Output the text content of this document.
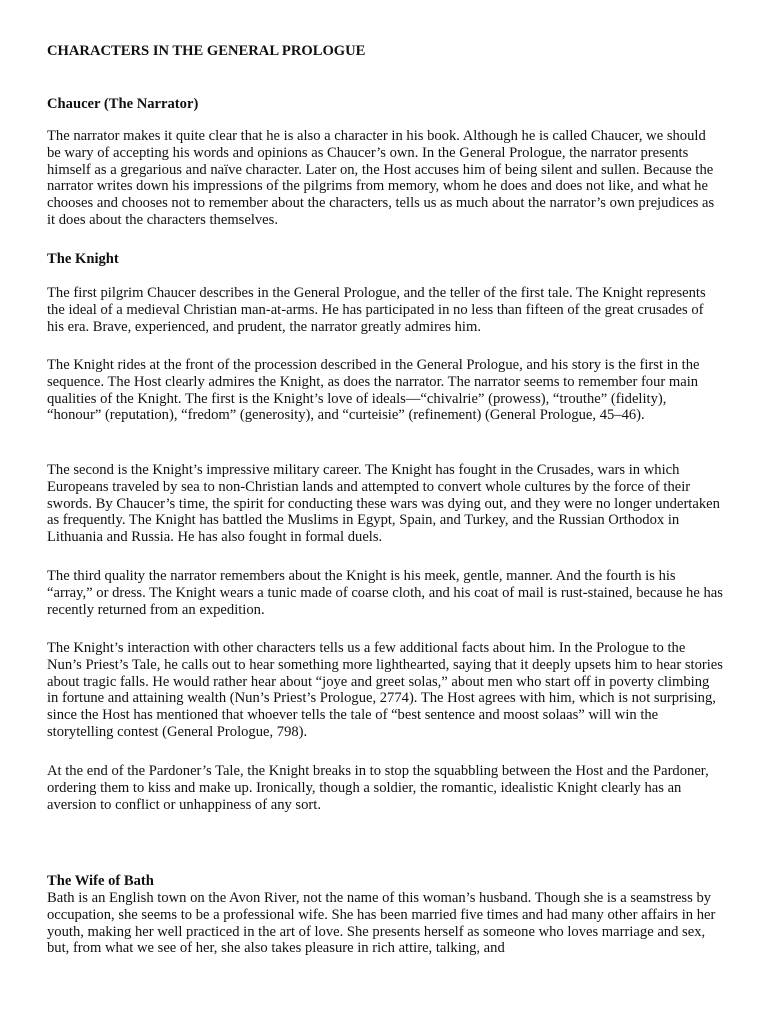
CHARACTERS IN THE GENERAL PROLOGUE
Chaucer (The Narrator)

The narrator makes it quite clear that he is also a character in his book. Although he is called Chaucer, we should be wary of accepting his words and opinions as Chaucer’s own. In the General Prologue, the narrator presents himself as a gregarious and naïve character. Later on, the Host accuses him of being silent and sullen. Because the narrator writes down his impressions of the pilgrims from memory, whom he does and does not like, and what he chooses and chooses not to remember about the characters, tells us as much about the narrator’s own prejudices as it does about the characters themselves.

The Knight

The first pilgrim Chaucer describes in the General Prologue, and the teller of the first tale. The Knight represents the ideal of a medieval Christian man-at-arms. He has participated in no less than fifteen of the great crusades of his era. Brave, experienced, and prudent, the narrator greatly admires him.

The Knight rides at the front of the procession described in the General Prologue, and his story is the first in the sequence. The Host clearly admires the Knight, as does the narrator. The narrator seems to remember four main qualities of the Knight. The first is the Knight’s love of ideals—“chivalrie” (prowess), “trouthe” (fidelity), “honour” (reputation), “fredom” (generosity), and “curteisie” (refinement) (General Prologue, 45–46).

The second is the Knight’s impressive military career. The Knight has fought in the Crusades, wars in which Europeans traveled by sea to non-Christian lands and attempted to convert whole cultures by the force of their swords. By Chaucer’s time, the spirit for conducting these wars was dying out, and they were no longer undertaken as frequently. The Knight has battled the Muslims in Egypt, Spain, and Turkey, and the Russian Orthodox in Lithuania and Russia. He has also fought in formal duels.

The third quality the narrator remembers about the Knight is his meek, gentle, manner. And the fourth is his “array,” or dress. The Knight wears a tunic made of coarse cloth, and his coat of mail is rust-stained, because he has recently returned from an expedition.

The Knight’s interaction with other characters tells us a few additional facts about him. In the Prologue to the Nun’s Priest’s Tale, he calls out to hear something more lighthearted, saying that it deeply upsets him to hear stories about tragic falls. He would rather hear about “joye and greet solas,” about men who start off in poverty climbing in fortune and attaining wealth (Nun’s Priest’s Prologue, 2774). The Host agrees with him, which is not surprising, since the Host has mentioned that whoever tells the tale of “best sentence and moost solaas” will win the storytelling contest (General Prologue, 798).

At the end of the Pardoner’s Tale, the Knight breaks in to stop the squabbling between the Host and the Pardoner, ordering them to kiss and make up. Ironically, though a soldier, the romantic, idealistic Knight clearly has an aversion to conflict or unhappiness of any sort.

The Wife of Bath

Bath is an English town on the Avon River, not the name of this woman’s husband. Though she is a seamstress by occupation, she seems to be a professional wife. She has been married five times and had many other affairs in her youth, making her well practiced in the art of love. She presents herself as someone who loves marriage and sex, but, from what we see of her, she also takes pleasure in rich attire, talking, and
